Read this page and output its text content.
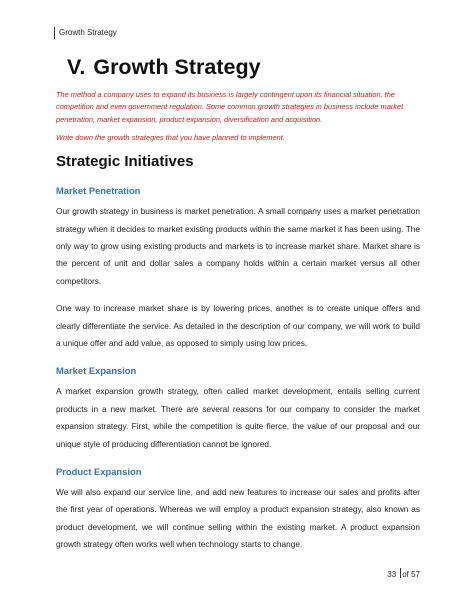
Growth Strategy
V. Growth Strategy

The method a company uses to expand its business is largely contingent upon its financial situation, the competition and even government regulation. Some common growth strategies in business include market penetration, market expansion, product expansion, diversification and acquisition.

Write down the growth strategies that you have planned to implement.

Strategic Initiatives
Market Penetration

Our growth strategy in business is market penetration. A small company uses a market penetration strategy when it decides to market existing products within the same market it has been using. The only way to grow using existing products and markets is to increase market share. Market share is the percent of unit and dollar sales a company holds within a certain market versus all other competitors.

One way to increase market share is by lowering prices, another is to create unique offers and clearly differentiate the service. As detailed in the description of our company, we will work to build a unique offer and add value, as opposed to simply using low prices.

Market Expansion

A market expansion growth strategy, often called market development, entails selling current products in a new market. There are several reasons for our company to consider the market expansion strategy. First, while the competition is quite fierce, the value of our proposal and our unique style of producing differentiation cannot be ignored.

Product Expansion

We will also expand our service line, and add new features to increase our sales and profits after the first year of operations. Whereas we will employ a product expansion strategy, also known as product development, we will continue selling within the existing market. A product expansion growth strategy often works well when technology starts to change.

33 of 57
